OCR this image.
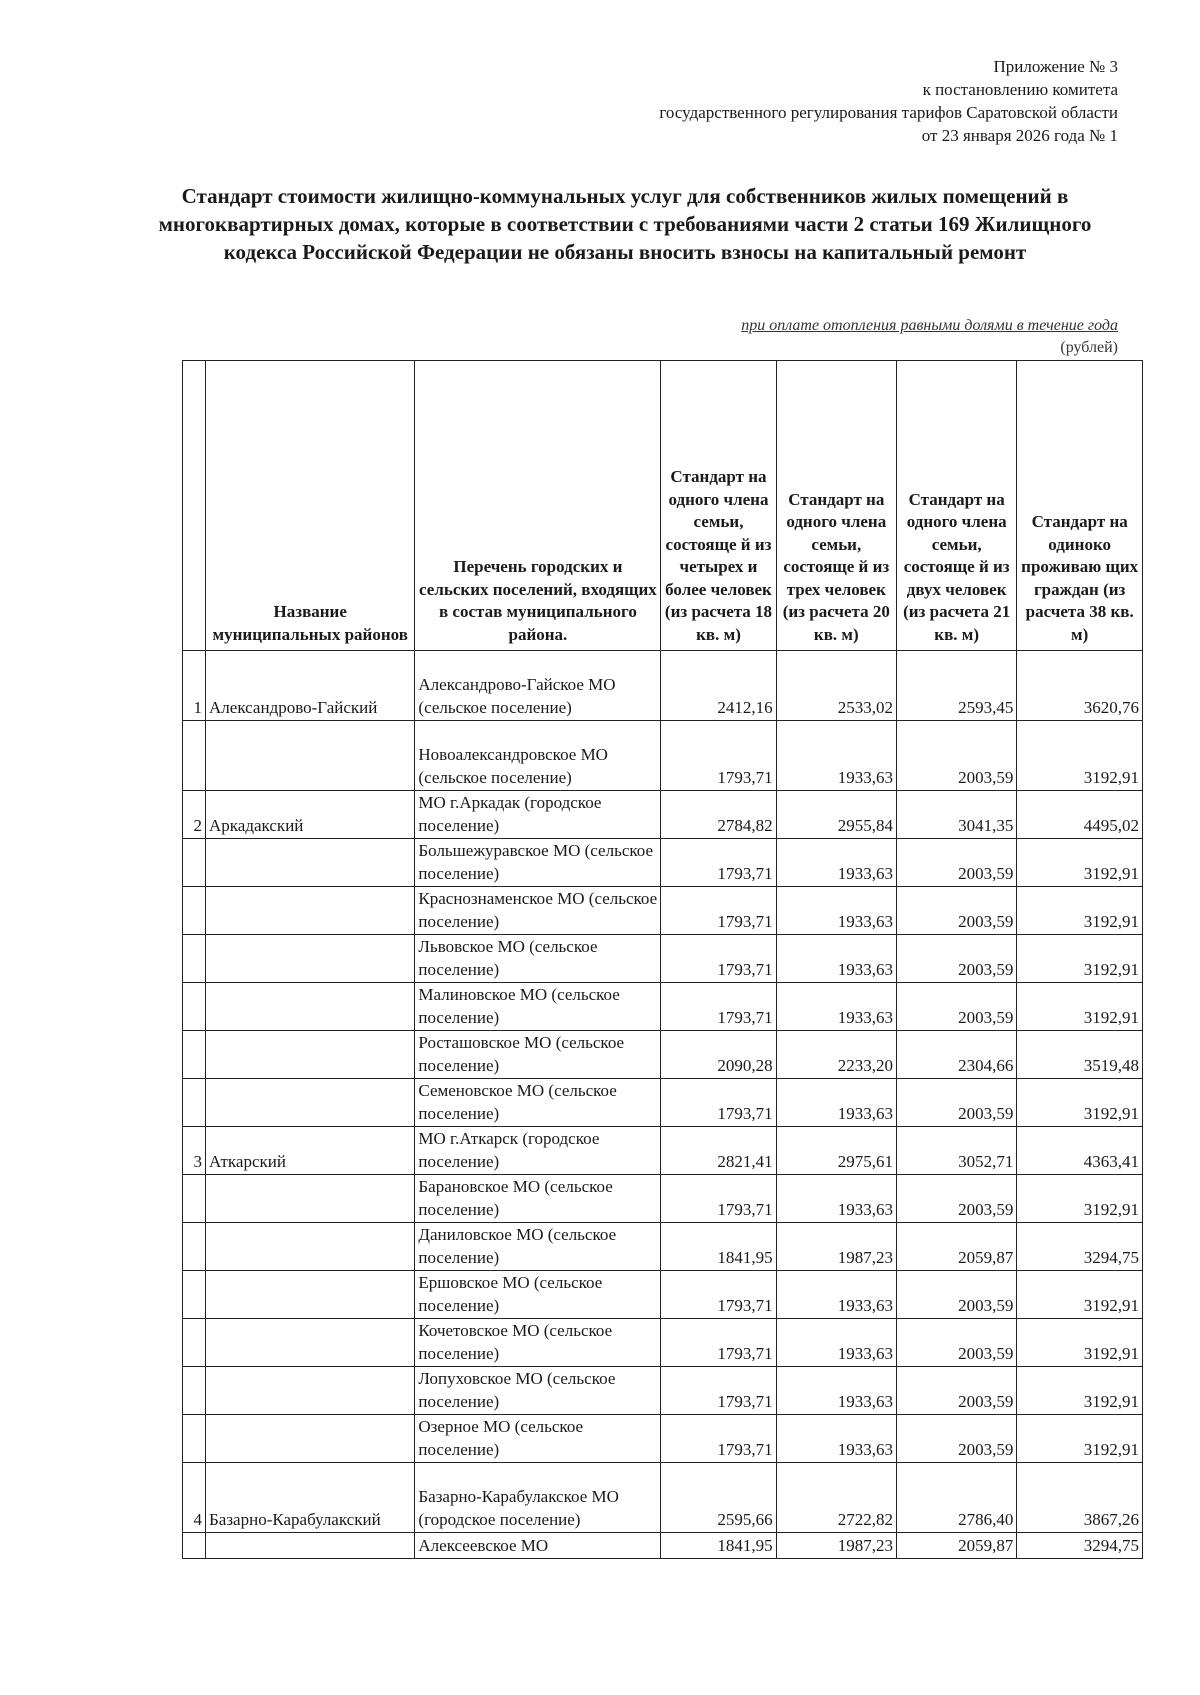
Приложение № 3
к постановлению комитета
государственного регулирования тарифов Саратовской области
от 23 января 2026 года № 1
Стандарт стоимости жилищно-коммунальных услуг для собственников жилых помещений в многоквартирных домах, которые в соответствии с требованиями части 2 статьи 169 Жилищного кодекса Российской Федерации не обязаны вносить взносы на капитальный ремонт
при оплате отопления равными долями в течение года
(рублей)
	Название муниципальных районов	Перечень городских и сельских поселений, входящих в состав муниципального района.	Стандарт на одного члена семьи, состояще й из четырех и более человек (из расчета 18 кв. м)	Стандарт на одного члена семьи, состояще й из трех человек (из расчета 20 кв. м)	Стандарт на одного члена семьи, состояще й из двух человек (из расчета 21 кв. м)	Стандарт на одиноко проживаю щих граждан (из расчета 38 кв. м)
1	Александрово-Гайский	Александрово-Гайское МО (сельское поселение)	2412,16	2533,02	2593,45	3620,76
		Новоалександровское МО (сельское поселение)	1793,71	1933,63	2003,59	3192,91
2	Аркадакский	МО г.Аркадак (городское поселение)	2784,82	2955,84	3041,35	4495,02
		Большежуравское МО (сельское поселение)	1793,71	1933,63	2003,59	3192,91
		Краснознаменское МО (сельское поселение)	1793,71	1933,63	2003,59	3192,91
		Львовское МО (сельское поселение)	1793,71	1933,63	2003,59	3192,91
		Малиновское МО (сельское поселение)	1793,71	1933,63	2003,59	3192,91
		Росташовское МО (сельское поселение)	2090,28	2233,20	2304,66	3519,48
		Семеновское МО (сельское поселение)	1793,71	1933,63	2003,59	3192,91
3	Аткарский	МО г.Аткарск (городское поселение)	2821,41	2975,61	3052,71	4363,41
		Барановское МО (сельское поселение)	1793,71	1933,63	2003,59	3192,91
		Даниловское МО (сельское поселение)	1841,95	1987,23	2059,87	3294,75
		Ершовское МО (сельское поселение)	1793,71	1933,63	2003,59	3192,91
		Кочетовское МО (сельское поселение)	1793,71	1933,63	2003,59	3192,91
		Лопуховское МО (сельское поселение)	1793,71	1933,63	2003,59	3192,91
		Озерное МО (сельское поселение)	1793,71	1933,63	2003,59	3192,91
4	Базарно-Карабулакский	Базарно-Карабулакское МО (городское поселение)	2595,66	2722,82	2786,40	3867,26
		Алексеевское МО	1841,95	1987,23	2059,87	3294,75
